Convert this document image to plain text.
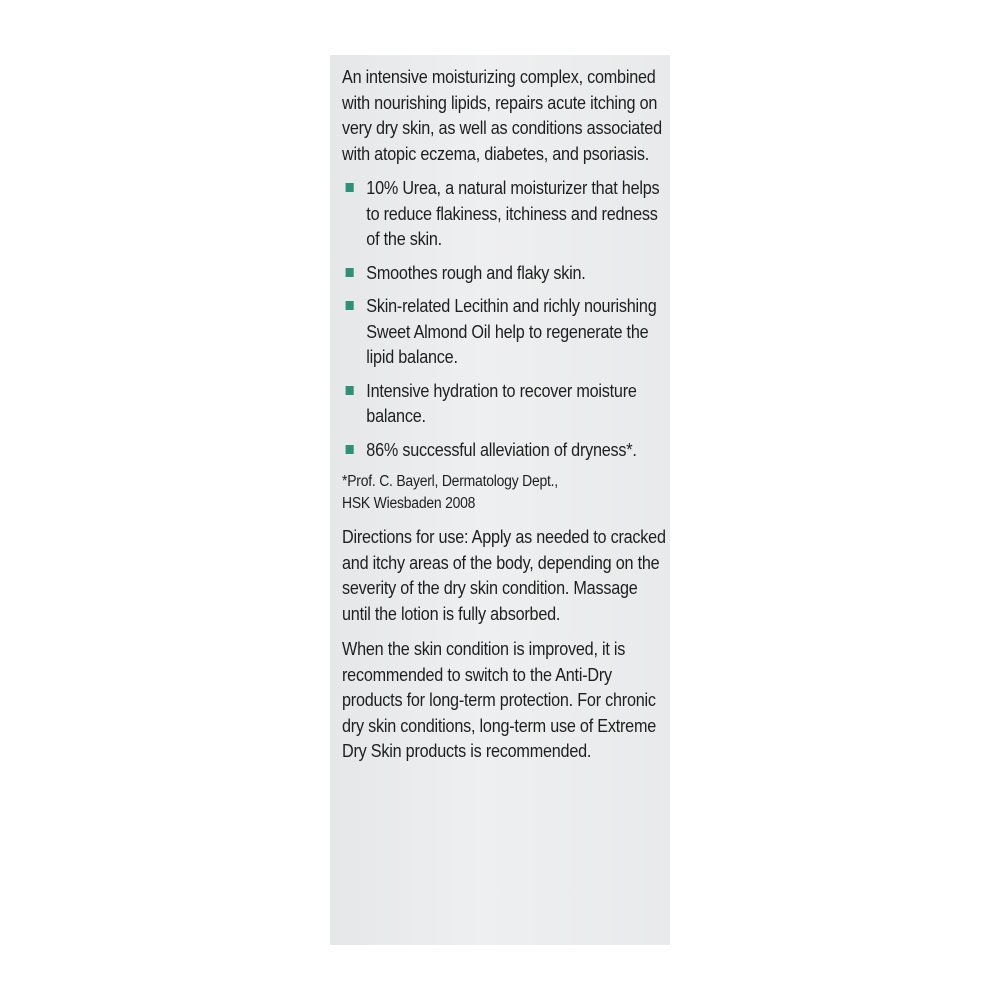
An intensive moisturizing complex, combined with nourishing lipids, repairs acute itching on very dry skin, as well as conditions associated with atopic eczema, diabetes, and psoriasis.

10% Urea, a natural moisturizer that helps to reduce flakiness, itchiness and redness of the skin.
Smoothes rough and flaky skin.
Skin-related Lecithin and richly nourishing Sweet Almond Oil help to regenerate the lipid balance.
Intensive hydration to recover moisture balance.
86% successful alleviation of dryness*.
*Prof. C. Bayerl, Dermatology Dept.,
HSK Wiesbaden 2008

Directions for use: Apply as needed to cracked and itchy areas of the body, depending on the severity of the dry skin condition. Massage until the lotion is fully absorbed.

When the skin condition is improved, it is recommended to switch to the Anti-Dry products for long-term protection. For chronic dry skin conditions, long-term use of Extreme Dry Skin products is recommended.
